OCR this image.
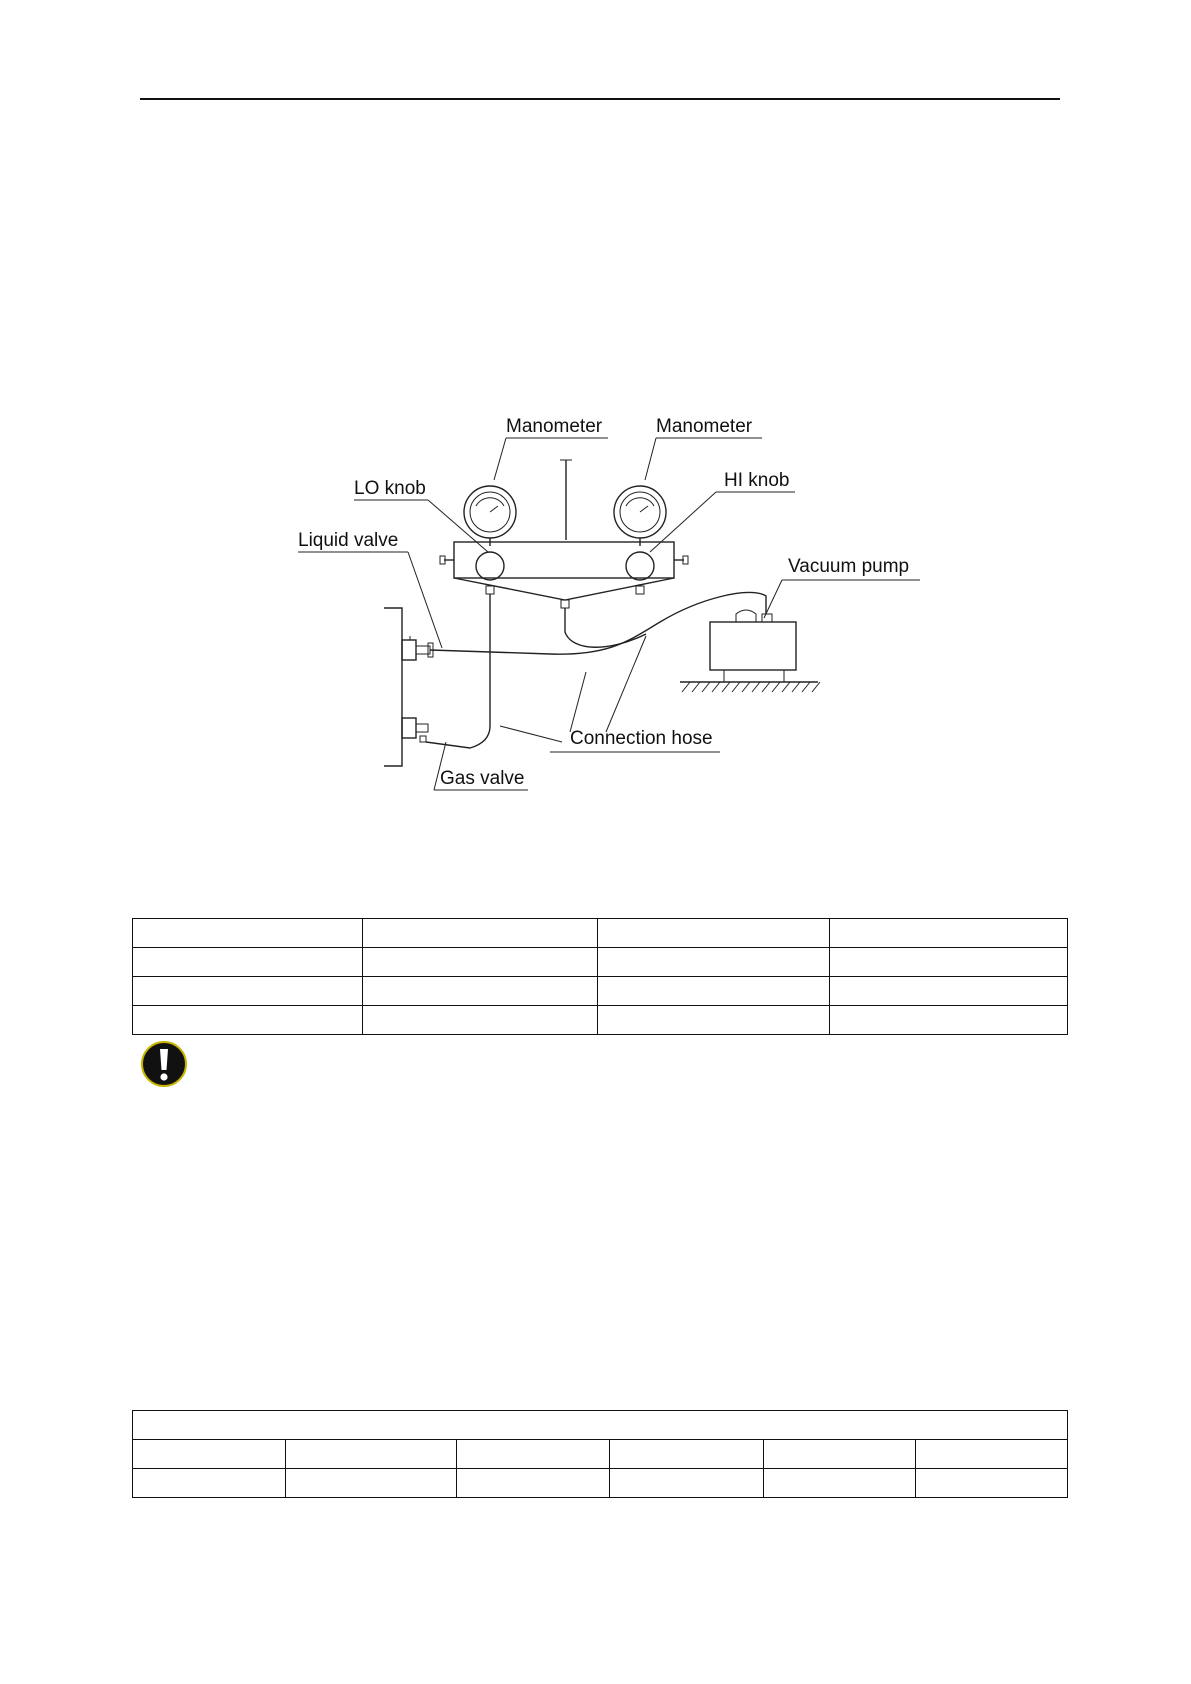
Manometer	Manometer
LO knob	HI knob
Liquid valve
Vacuum pump
Connection hose
Gas valve
